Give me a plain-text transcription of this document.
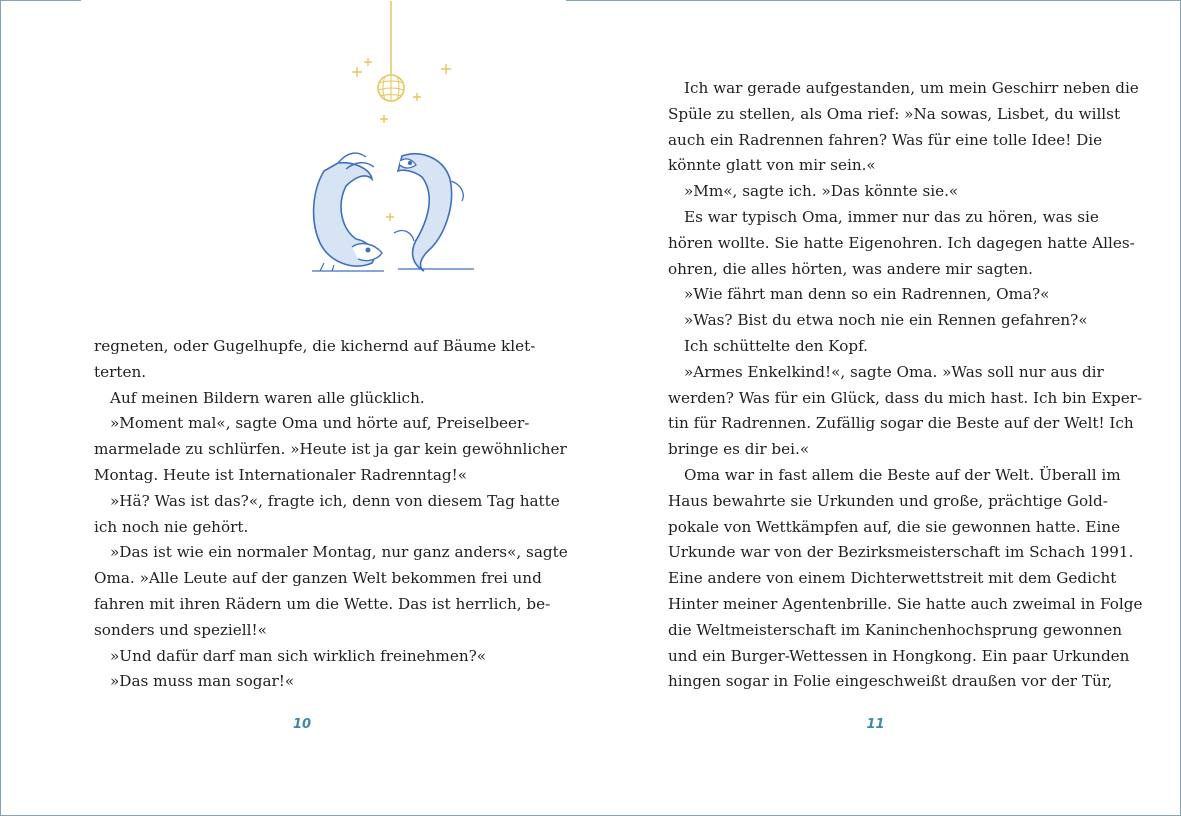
regneten, oder Gugelhupfe, die kichernd auf Bäume klet-
terten.
Auf meinen Bildern waren alle glücklich.
»Moment mal«, sagte Oma und hörte auf, Preiselbeer-
marmelade zu schlürfen. »Heute ist ja gar kein gewöhnlicher
Montag. Heute ist Internationaler Radrenntag!«
»Hä? Was ist das?«, fragte ich, denn von diesem Tag hatte
ich noch nie gehört.
»Das ist wie ein normaler Montag, nur ganz anders«, sagte
Oma. »Alle Leute auf der ganzen Welt bekommen frei und
fahren mit ihren Rädern um die Wette. Das ist herrlich, be-
sonders und speziell!«
»Und dafür darf man sich wirklich freinehmen?«
»Das muss man sogar!«
10
Ich war gerade aufgestanden, um mein Geschirr neben die
Spüle zu stellen, als Oma rief: »Na sowas, Lisbet, du willst
auch ein Radrennen fahren? Was für eine tolle Idee! Die
könnte glatt von mir sein.«
»Mm«, sagte ich. »Das könnte sie.«
Es war typisch Oma, immer nur das zu hören, was sie
hören wollte. Sie hatte Eigenohren. Ich dagegen hatte Alles-
ohren, die alles hörten, was andere mir sagten.
»Wie fährt man denn so ein Radrennen, Oma?«
»Was? Bist du etwa noch nie ein Rennen gefahren?«
Ich schüttelte den Kopf.
»Armes Enkelkind!«, sagte Oma. »Was soll nur aus dir
werden? Was für ein Glück, dass du mich hast. Ich bin Exper-
tin für Radrennen. Zufällig sogar die Beste auf der Welt! Ich
bringe es dir bei.«
Oma war in fast allem die Beste auf der Welt. Überall im
Haus bewahrte sie Urkunden und große, prächtige Gold-
pokale von Wettkämpfen auf, die sie gewonnen hatte. Eine
Urkunde war von der Bezirksmeisterschaft im Schach 1991.
Eine andere von einem Dichterwettstreit mit dem Gedicht
Hinter meiner Agentenbrille. Sie hatte auch zweimal in Folge
die Weltmeisterschaft im Kaninchenhochsprung gewonnen
und ein Burger-Wettessen in Hongkong. Ein paar Urkunden
hingen sogar in Folie eingeschweißt draußen vor der Tür,
11
